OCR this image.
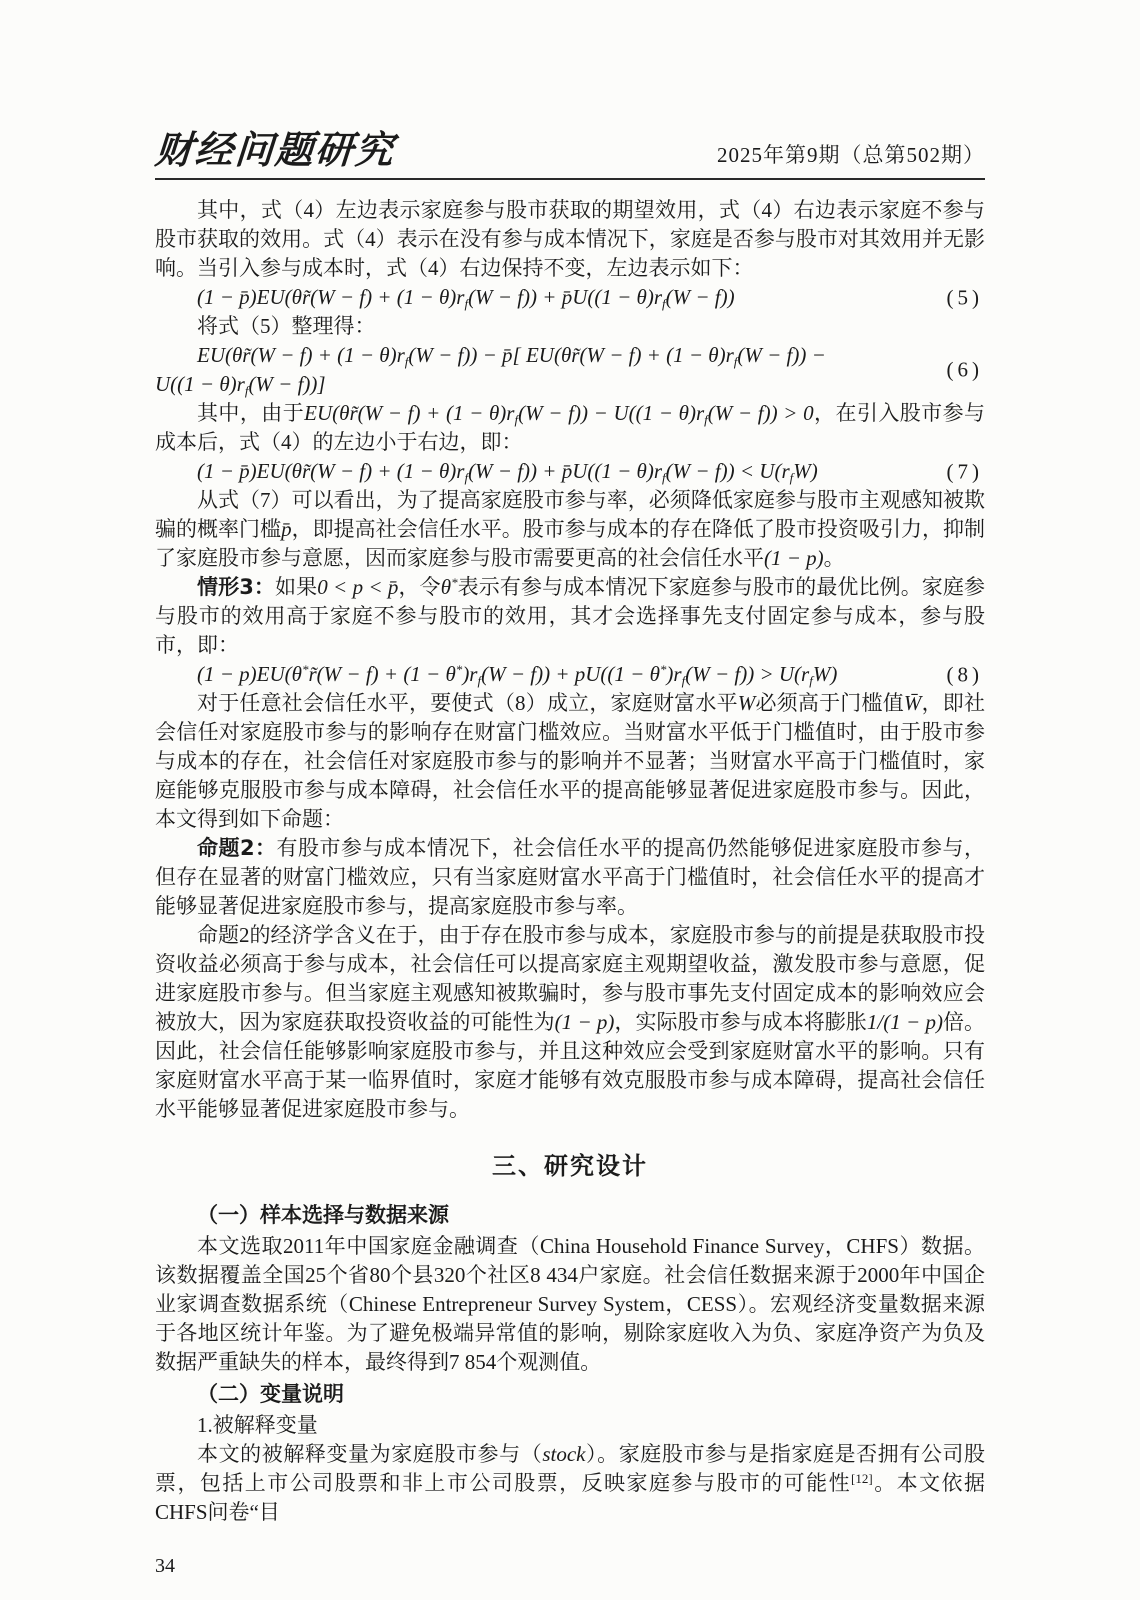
财经问题研究	2025年第9期（总第502期）
其中，式（4）左边表示家庭参与股市获取的期望效用，式（4）右边表示家庭不参与股市获取的效用。式（4）表示在没有参与成本情况下，家庭是否参与股市对其效用并无影响。当引入参与成本时，式（4）右边保持不变，左边表示如下：
(1 − p̄)EU(θr̃(W − $f) + (1 - \theta)r_f(W - f)$) + p̄U((1 − $\theta)r_f(W - f)$)	(5)
将式（5）整理得：
EU(θr̃(W − $f) + (1 - \theta)r_f(W - f)$) − p̄[ EU(θr̃(W − $f) + (1 - \theta)r_f(W - f)$) −
$U((1 - \theta)r_f(W - f))$]
(6)
其中，由于EU(θr̃(W − $f) + (1 - \theta)r_f(W - f)) - U((1 - \theta)r_f(W - f)) > 0$，在引入股市参与成本后，式（4）的左边小于右边，即：
(1 − p̄)EU(θr̃(W − $f) + (1 - \theta)r_f(W - f)$) + p̄U((1 − $\theta)r_f(W - f)) < U(r_fW)$	(7)
从式（7）可以看出，为了提高家庭股市参与率，必须降低家庭参与股市主观感知被欺骗的概率门槛p̄，即提高社会信任水平。股市参与成本的存在降低了股市投资吸引力，抑制了家庭股市参与意愿，因而家庭参与股市需要更高的社会信任水平(1 − p)。
情形3：如果0 < p < p̄，令θ*表示有参与成本情况下家庭参与股市的最优比例。家庭参与股市的效用高于家庭不参与股市的效用，其才会选择事先支付固定参与成本，参与股市，即：
(1 − p)EU(θ*r̃(W − $f) + (1 - \theta^*)r_f(W - f)) + pU((1 - \theta^*)r_f(W - f)) > U(r_fW)$	(8)
对于任意社会信任水平，要使式（8）成立，家庭财富水平W必须高于门槛值W̄，即社会信任对家庭股市参与的影响存在财富门槛效应。当财富水平低于门槛值时，由于股市参与成本的存在，社会信任对家庭股市参与的影响并不显著；当财富水平高于门槛值时，家庭能够克服股市参与成本障碍，社会信任水平的提高能够显著促进家庭股市参与。因此，本文得到如下命题：
命题2：有股市参与成本情况下，社会信任水平的提高仍然能够促进家庭股市参与，但存在显著的财富门槛效应，只有当家庭财富水平高于门槛值时，社会信任水平的提高才能够显著促进家庭股市参与，提高家庭股市参与率。
命题2的经济学含义在于，由于存在股市参与成本，家庭股市参与的前提是获取股市投资收益必须高于参与成本，社会信任可以提高家庭主观期望收益，激发股市参与意愿，促进家庭股市参与。但当家庭主观感知被欺骗时，参与股市事先支付固定成本的影响效应会被放大，因为家庭获取投资收益的可能性为(1 − p)，实际股市参与成本将膨胀1/(1 − p)倍。因此，社会信任能够影响家庭股市参与，并且这种效应会受到家庭财富水平的影响。只有家庭财富水平高于某一临界值时，家庭才能够有效克服股市参与成本障碍，提高社会信任水平能够显著促进家庭股市参与。
三、研究设计
（一）样本选择与数据来源
本文选取2011年中国家庭金融调查（China Household Finance Survey，CHFS）数据。该数据覆盖全国25个省80个县320个社区8 434户家庭。社会信任数据来源于2000年中国企业家调查数据系统（Chinese Entrepreneur Survey System，CESS）。宏观经济变量数据来源于各地区统计年鉴。为了避免极端异常值的影响，剔除家庭收入为负、家庭净资产为负及数据严重缺失的样本，最终得到7 854个观测值。
（二）变量说明
1.被解释变量
本文的被解释变量为家庭股市参与（stock）。家庭股市参与是指家庭是否拥有公司股票，包括上市公司股票和非上市公司股票，反映家庭参与股市的可能性[12]。本文依据CHFS问卷“目
34
